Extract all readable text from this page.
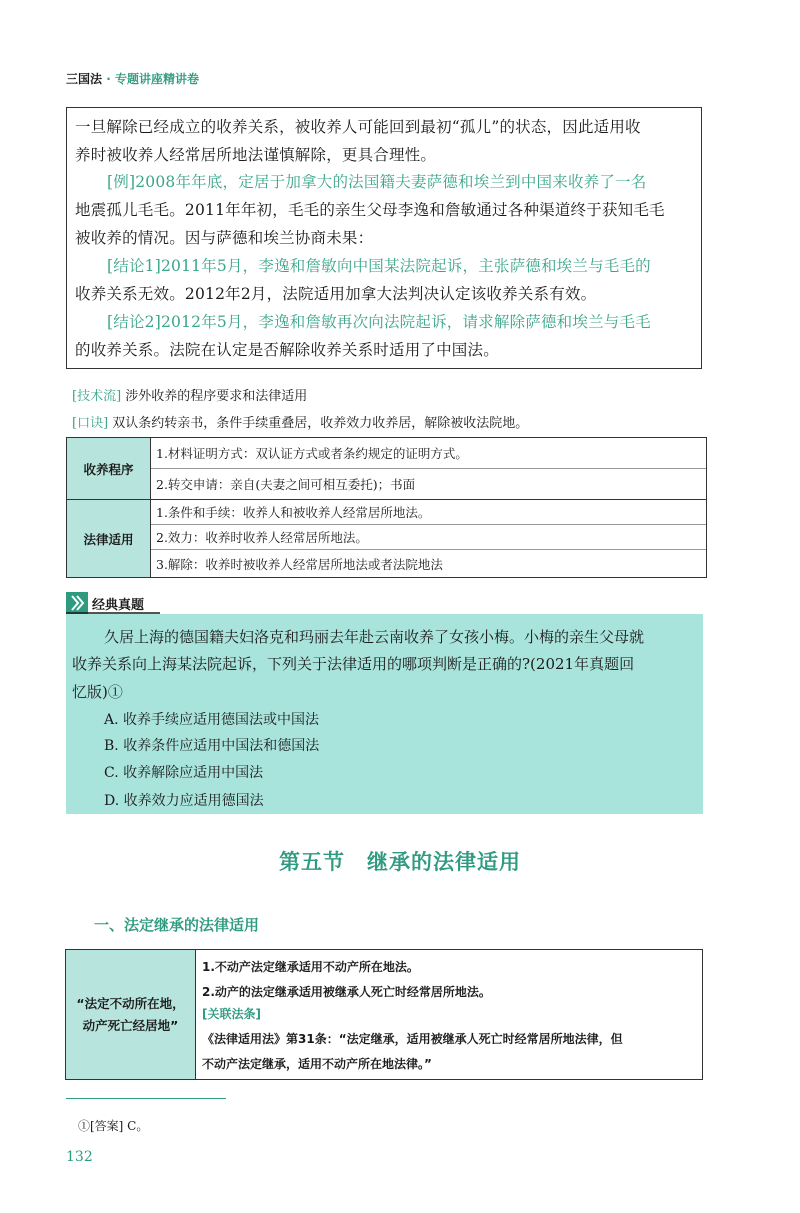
三国法 · 专题讲座精讲卷

一旦解除已经成立的收养关系，被收养人可能回到最初“孤儿”的状态，因此适用收

养时被收养人经常居所地法谨慎解除，更具合理性。

[例]2008年年底，定居于加拿大的法国籍夫妻萨德和埃兰到中国来收养了一名

地震孤儿毛毛。2011年年初，毛毛的亲生父母李逸和詹敏通过各种渠道终于获知毛毛

被收养的情况。因与萨德和埃兰协商未果：

[结论1]2011年5月，李逸和詹敏向中国某法院起诉，主张萨德和埃兰与毛毛的

收养关系无效。2012年2月，法院适用加拿大法判决认定该收养关系有效。

[结论2]2012年5月，李逸和詹敏再次向法院起诉，请求解除萨德和埃兰与毛毛

的收养关系。法院在认定是否解除收养关系时适用了中国法。

[技术流] 涉外收养的程序要求和法律适用
[口诀] 双认条约转亲书，条件手续重叠居，收养效力收养居，解除被收法院地。
收养程序
1.材料证明方式：双认证方式或者条约规定的证明方式。
2.转交申请：亲自(夫妻之间可相互委托)；书面
法律适用
1.条件和手续：收养人和被收养人经常居所地法。
2.效力：收养时收养人经常居所地法。
3.解除：收养时被收养人经常居所地法或者法院地法
经典真题

久居上海的德国籍夫妇洛克和玛丽去年赴云南收养了女孩小梅。小梅的亲生父母就

收养关系向上海某法院起诉，下列关于法律适用的哪项判断是正确的?(2021年真题回

忆版)①

A. 收养手续应适用德国法或中国法

B. 收养条件应适用中国法和德国法

C. 收养解除应适用中国法

D. 收养效力应适用德国法

第五节　继承的法律适用
一、法定继承的法律适用
“法定不动所在地，
动产死亡经居地”

1.不动产法定继承适用不动产所在地法。

2.动产的法定继承适用被继承人死亡时经常居所地法。

[关联法条]

《法律适用法》第31条：“法定继承，适用被继承人死亡时经常居所地法律，但

不动产法定继承，适用不动产所在地法律。”

①[答案] C。
132
